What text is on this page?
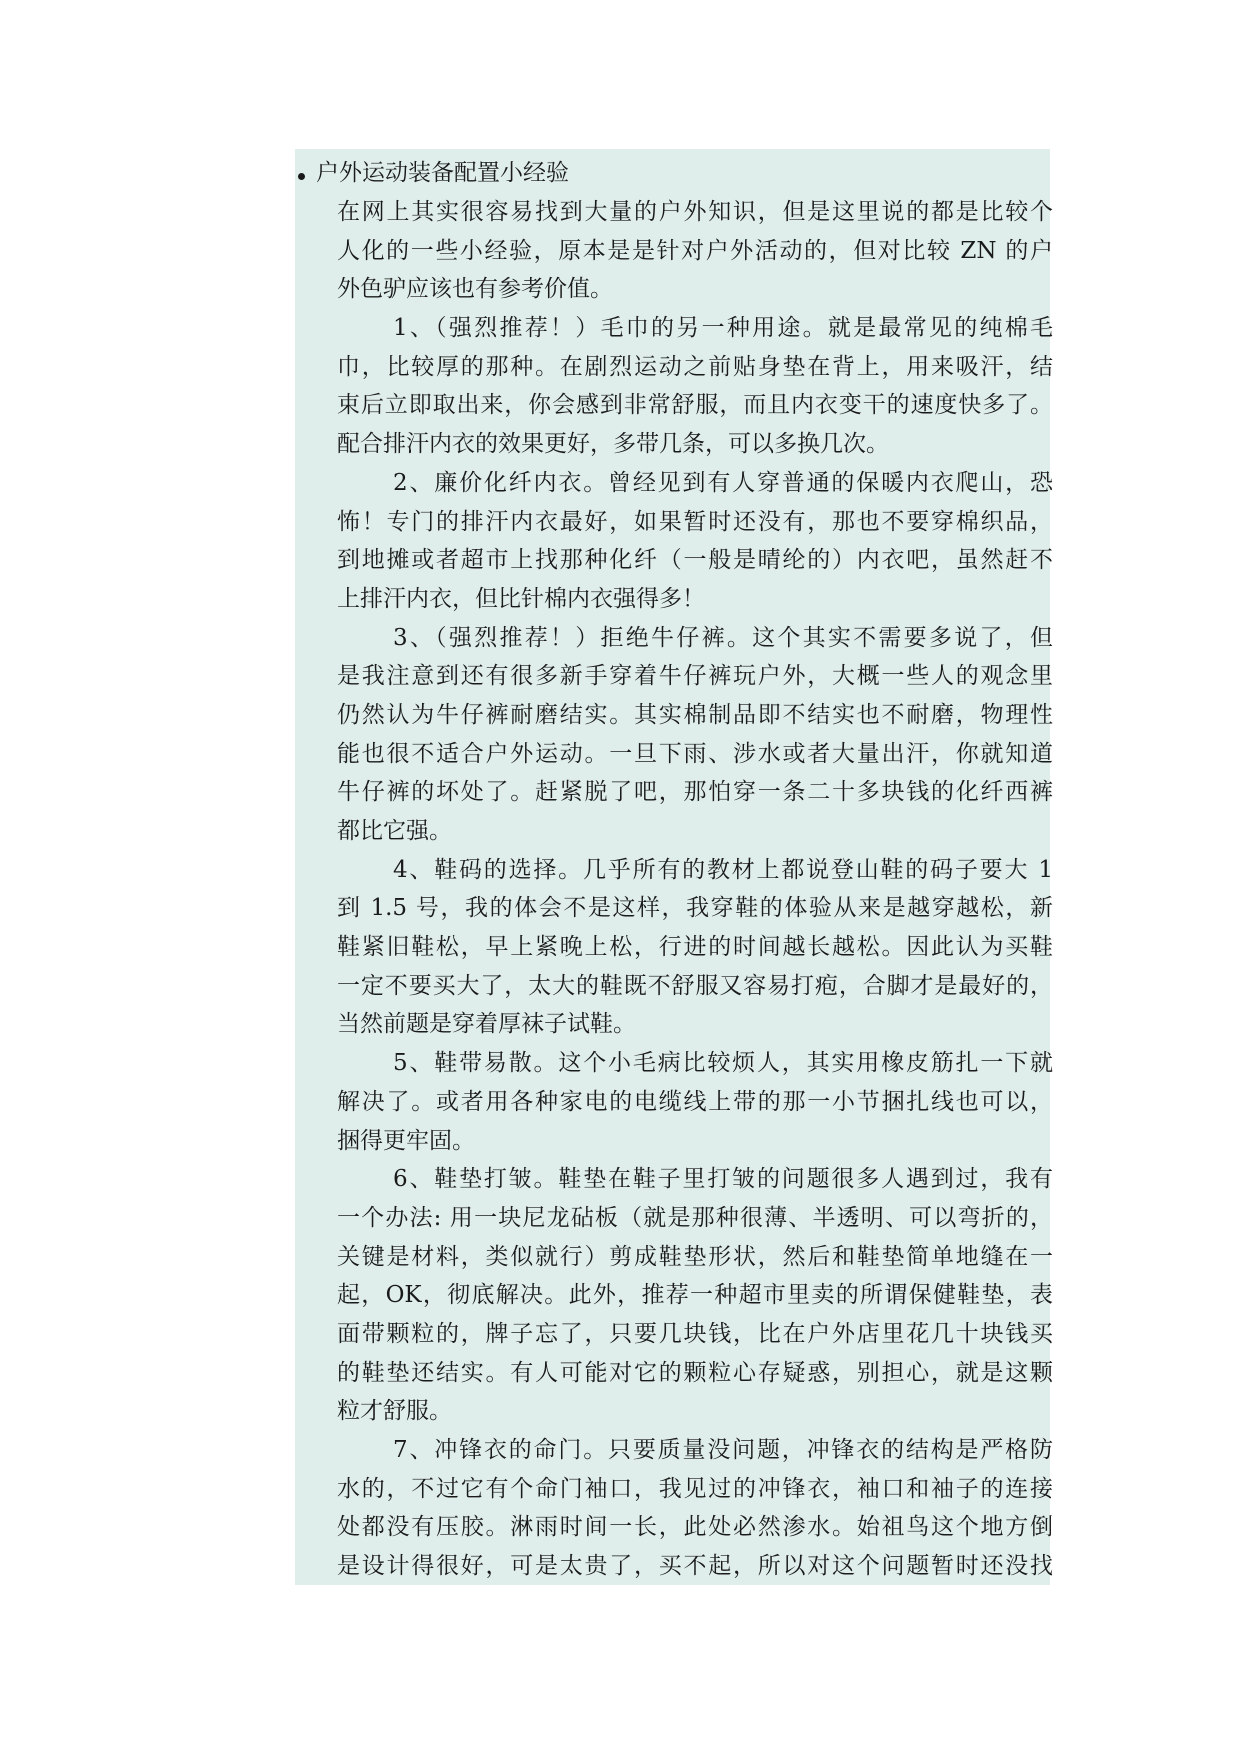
户外运动装备配置小经验
在网上其实很容易找到大量的户外知识，但是这里说的都是比较个
人化的一些小经验，原本是是针对户外活动的，但对比较 ZN 的户
外色驴应该也有参考价值。
1、（强烈推荐！）毛巾的另一种用途。就是最常见的纯棉毛
巾，比较厚的那种。在剧烈运动之前贴身垫在背上，用来吸汗，结
束后立即取出来，你会感到非常舒服，而且内衣变干的速度快多了。
配合排汗内衣的效果更好，多带几条，可以多换几次。
2、廉价化纤内衣。曾经见到有人穿普通的保暖内衣爬山，恐
怖！专门的排汗内衣最好，如果暂时还没有，那也不要穿棉织品，
到地摊或者超市上找那种化纤（一般是晴纶的）内衣吧，虽然赶不
上排汗内衣，但比针棉内衣强得多！
3、（强烈推荐！）拒绝牛仔裤。这个其实不需要多说了，但
是我注意到还有很多新手穿着牛仔裤玩户外，大概一些人的观念里
仍然认为牛仔裤耐磨结实。其实棉制品即不结实也不耐磨，物理性
能也很不适合户外运动。一旦下雨、涉水或者大量出汗，你就知道
牛仔裤的坏处了。赶紧脱了吧，那怕穿一条二十多块钱的化纤西裤
都比它强。
4、鞋码的选择。几乎所有的教材上都说登山鞋的码子要大 1
到 1.5 号，我的体会不是这样，我穿鞋的体验从来是越穿越松，新
鞋紧旧鞋松，早上紧晚上松，行进的时间越长越松。因此认为买鞋
一定不要买大了，太大的鞋既不舒服又容易打疱，合脚才是最好的，
当然前题是穿着厚袜子试鞋。
5、鞋带易散。这个小毛病比较烦人，其实用橡皮筋扎一下就
解决了。或者用各种家电的电缆线上带的那一小节捆扎线也可以，
捆得更牢固。
6、鞋垫打皱。鞋垫在鞋子里打皱的问题很多人遇到过，我有
一个办法: 用一块尼龙砧板（就是那种很薄、半透明、可以弯折的，
关键是材料，类似就行）剪成鞋垫形状，然后和鞋垫简单地缝在一
起，OK，彻底解决。此外，推荐一种超市里卖的所谓保健鞋垫，表
面带颗粒的，牌子忘了，只要几块钱，比在户外店里花几十块钱买
的鞋垫还结实。有人可能对它的颗粒心存疑惑，别担心，就是这颗
粒才舒服。
7、冲锋衣的命门。只要质量没问题，冲锋衣的结构是严格防
水的，不过它有个命门袖口，我见过的冲锋衣，袖口和袖子的连接
处都没有压胶。淋雨时间一长，此处必然渗水。始祖鸟这个地方倒
是设计得很好，可是太贵了，买不起，所以对这个问题暂时还没找
